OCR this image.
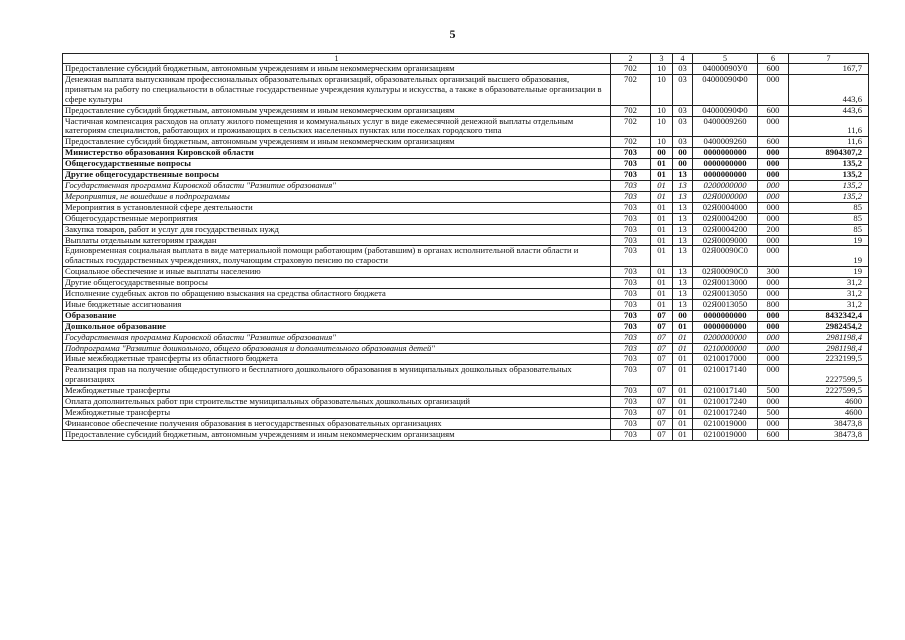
5
1	2	3	4	5	6	7
Предоставление субсидий бюджетным, автономным учреждениям и иным некоммерческим организациям	702	10	03	04000090У0	600	167,7
Денежная выплата выпускникам профессиональных образовательных организаций, образовательных организаций высшего образования, принятым на работу по специальности в областные государственные учреждения культуры и искусства, а также в образовательные организации в сфере культуры	702	10	03	04000090Ф0	000	443,6
Предоставление субсидий бюджетным, автономным учреждениям и иным некоммерческим организациям	702	10	03	04000090Ф0	600	443,6
Частичная компенсация расходов на оплату жилого помещения и коммунальных услуг в виде ежемесячной денежной выплаты отдельным категориям специалистов, работающих и проживающих в сельских населенных пунктах или поселках городского типа	702	10	03	0400009260	000	11,6
Предоставление субсидий бюджетным, автономным учреждениям и иным некоммерческим организациям	702	10	03	0400009260	600	11,6
Министерство образования Кировской области	703	00	00	0000000000	000	8904307,2
Общегосударственные вопросы	703	01	00	0000000000	000	135,2
Другие общегосударственные вопросы	703	01	13	0000000000	000	135,2
Государственная программа Кировской области "Развитие образования"	703	01	13	0200000000	000	135,2
Мероприятия, не вошедшие в подпрограммы	703	01	13	02Я0000000	000	135,2
Мероприятия в установленной сфере деятельности	703	01	13	02Я0004000	000	85
Общегосударственные мероприятия	703	01	13	02Я0004200	000	85
Закупка товаров, работ и услуг для государственных нужд	703	01	13	02Я0004200	200	85
Выплаты отдельным категориям граждан	703	01	13	02Я0009000	000	19
Единовременная социальная выплата в виде материальной помощи работающим (работавшим) в органах исполнительной власти области и областных государственных учреждениях, получающим страховую пенсию по старости	703	01	13	02Я00090С0	000	19
Социальное обеспечение и иные выплаты населению	703	01	13	02Я00090С0	300	19
Другие общегосударственные вопросы	703	01	13	02Я0013000	000	31,2
Исполнение судебных актов по обращению взыскания на средства областного бюджета	703	01	13	02Я0013050	000	31,2
Иные бюджетные ассигнования	703	01	13	02Я0013050	800	31,2
Образование	703	07	00	0000000000	000	8432342,4
Дошкольное образование	703	07	01	0000000000	000	2982454,2
Государственная программа Кировской области "Развитие образования"	703	07	01	0200000000	000	2981198,4
Подпрограмма "Развитие дошкольного, общего образования и дополнительного образования детей"	703	07	01	0210000000	000	2981198,4
Иные межбюджетные трансферты из областного бюджета	703	07	01	0210017000	000	2232199,5
Реализация прав на получение общедоступного и бесплатного дошкольного образования в муниципальных дошкольных образовательных организациях	703	07	01	0210017140	000	2227599,5
Межбюджетные трансферты	703	07	01	0210017140	500	2227599,5
Оплата дополнительных работ при строительстве муниципальных образовательных дошкольных организаций	703	07	01	0210017240	000	4600
Межбюджетные трансферты	703	07	01	0210017240	500	4600
Финансовое обеспечение получения образования в негосударственных образовательных организациях	703	07	01	0210019000	000	38473,8
Предоставление субсидий бюджетным, автономным учреждениям и иным некоммерческим организациям	703	07	01	0210019000	600	38473,8
